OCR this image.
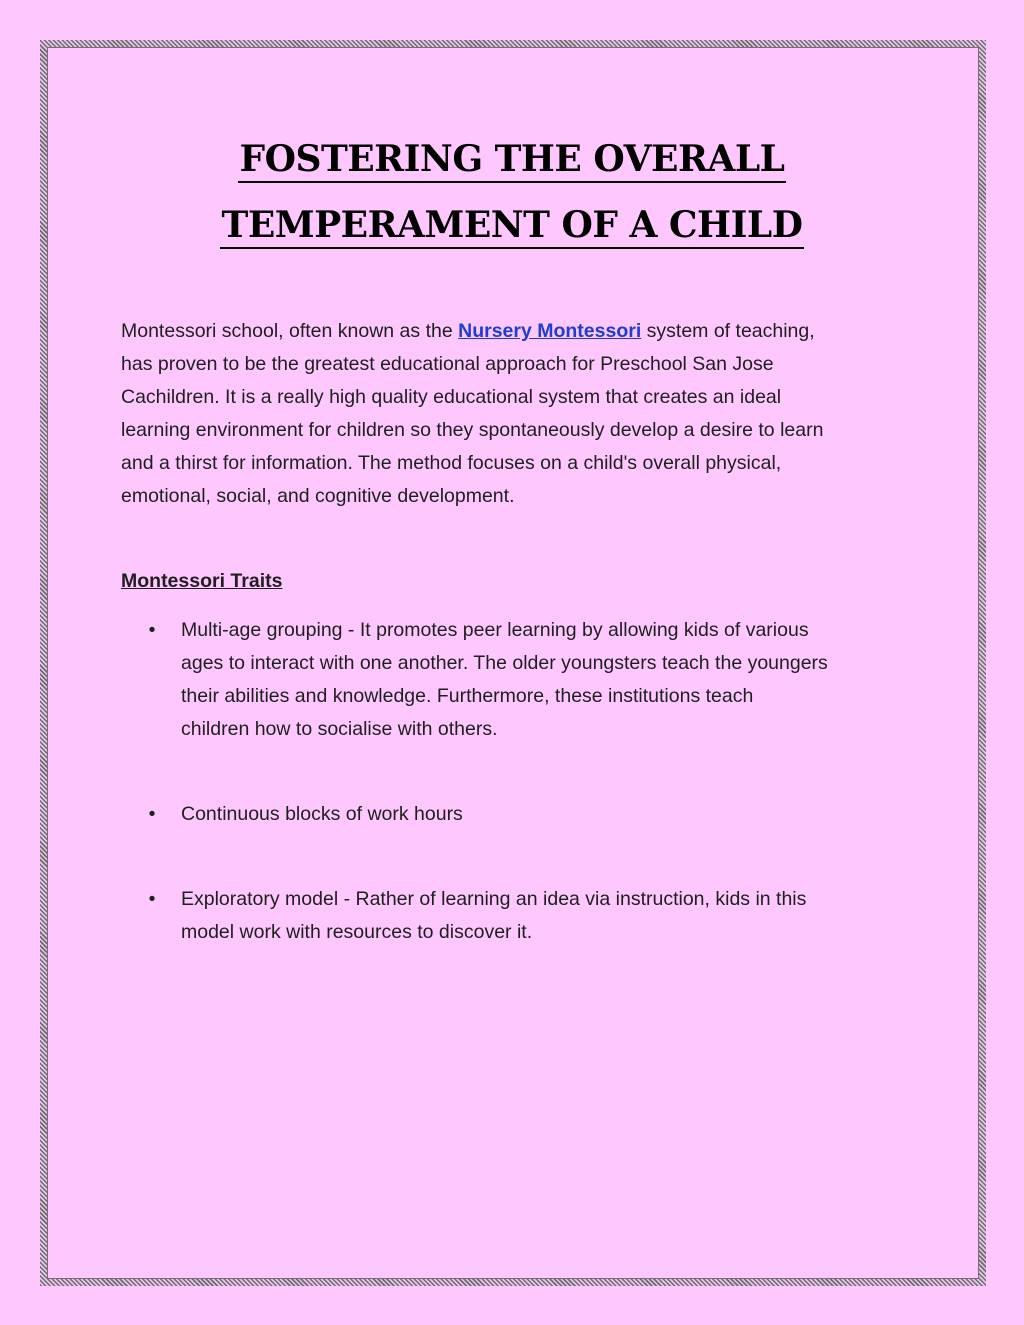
FOSTERING THE OVERALL
TEMPERAMENT OF A CHILD
Montessori school, often known as the Nursery Montessori system of teaching,
has proven to be the greatest educational approach for Preschool San Jose
Cachildren. It is a really high quality educational system that creates an ideal
learning environment for children so they spontaneously develop a desire to learn
and a thirst for information. The method focuses on a child's overall physical,
emotional, social, and cognitive development.
Montessori Traits
• Multi-age grouping - It promotes peer learning by allowing kids of various
ages to interact with one another. The older youngsters teach the youngers
their abilities and knowledge. Furthermore, these institutions teach
children how to socialise with others.
• Continuous blocks of work hours
• Exploratory model - Rather of learning an idea via instruction, kids in this
model work with resources to discover it.
